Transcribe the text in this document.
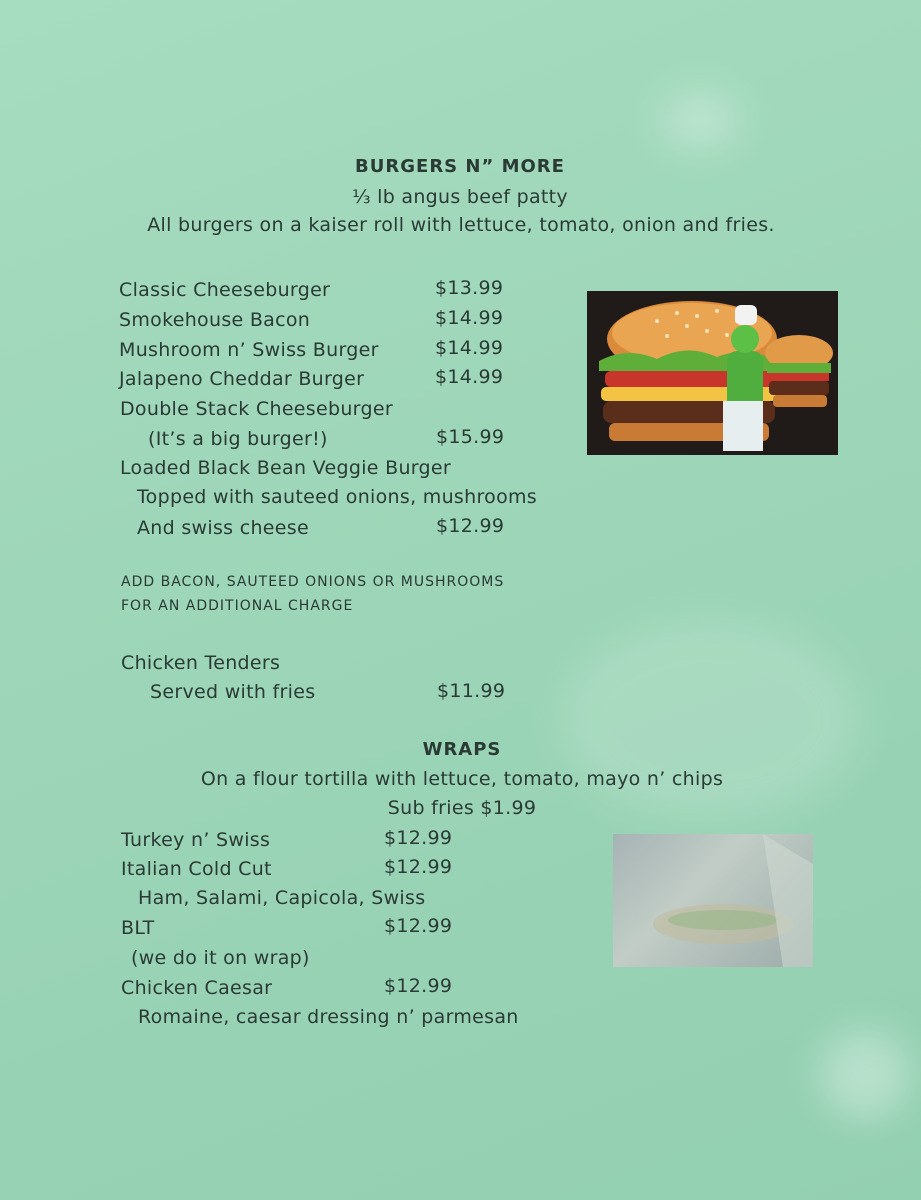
BURGERS N” MORE
⅓ lb angus beef patty
All burgers on a kaiser roll with lettuce, tomato, onion and fries.
Classic Cheeseburger	$13.99
Smokehouse Bacon	$14.99
Mushroom n’ Swiss Burger	$14.99
Jalapeno Cheddar Burger	$14.99
Double Stack Cheeseburger
(It’s a big burger!)	$15.99
Loaded Black Bean Veggie Burger
Topped with sauteed onions, mushrooms
And swiss cheese	$12.99
ADD BACON, SAUTEED ONIONS OR MUSHROOMS
FOR AN ADDITIONAL CHARGE
Chicken Tenders
Served with fries	$11.99
WRAPS
On a flour tortilla with lettuce, tomato, mayo n’ chips
Sub fries $1.99
Turkey n’ Swiss	$12.99
Italian Cold Cut	$12.99
Ham, Salami, Capicola, Swiss
BLT	$12.99
(we do it on wrap)
Chicken Caesar	$12.99
Romaine, caesar dressing n’ parmesan
